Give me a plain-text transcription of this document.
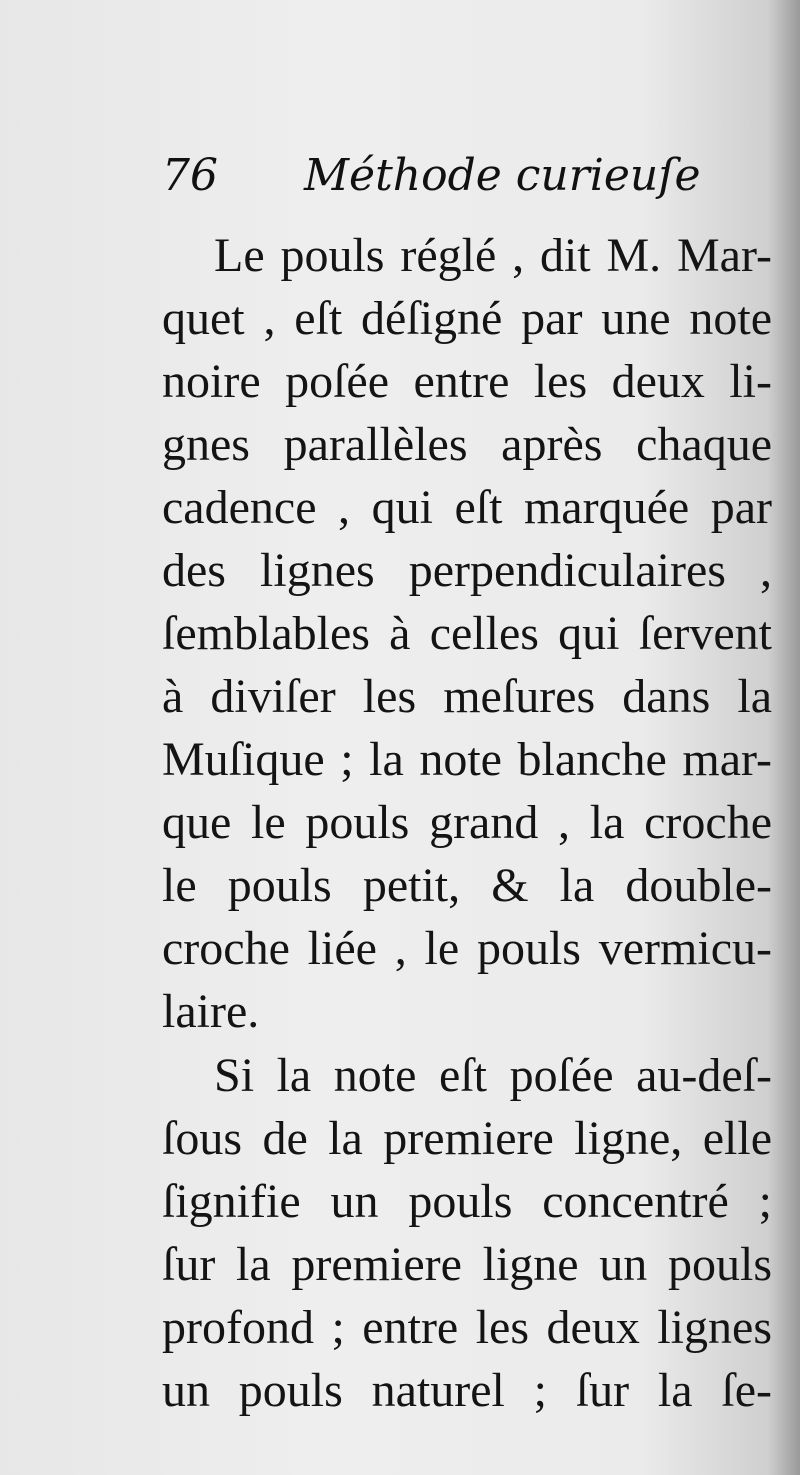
76 Méthode curieuſe
Le pouls réglé , dit M. Mar-
quet , eſt déſigné par une note
noire poſée entre les deux li-
gnes parallèles après chaque
cadence , qui eſt marquée par
des lignes perpendiculaires ,
ſemblables à celles qui ſervent
à diviſer les meſures dans la
Muſique ; la note blanche mar-
que le pouls grand , la croche
le pouls petit, & la double-
croche liée , le pouls vermicu-
laire.
Si la note eſt poſée au-deſ-
ſous de la premiere ligne, elle
ſignifie un pouls concentré ;
ſur la premiere ligne un pouls
profond ; entre les deux lignes
un pouls naturel ; ſur la ſe-
